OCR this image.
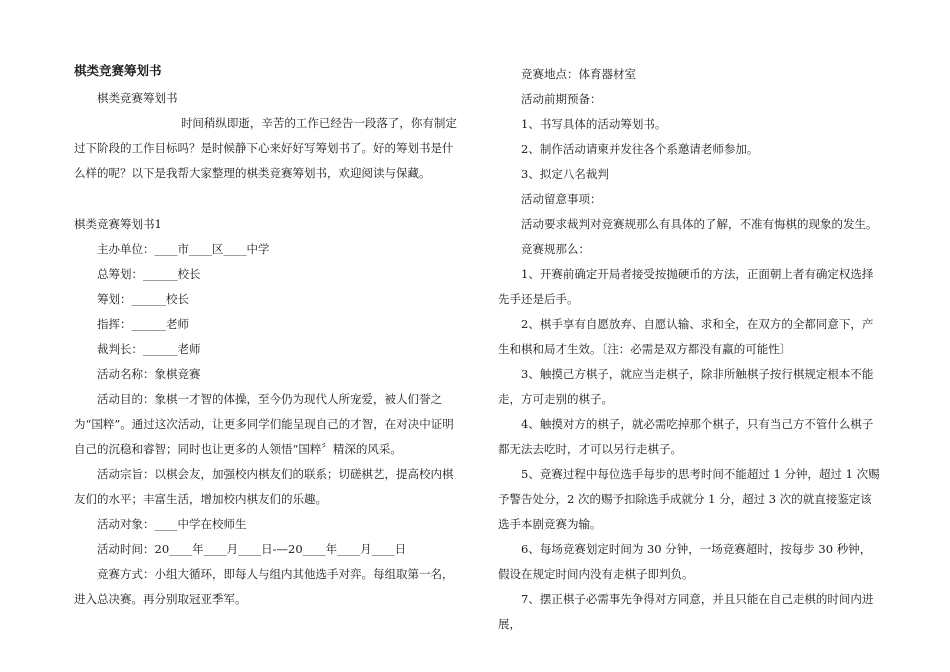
棋类竞赛筹划书

棋类竞赛筹划书

时间稍纵即逝，辛苦的工作已经告一段落了，你有制定过下阶段的工作目标吗？是时候静下心来好好写筹划书了。好的筹划书是什么样的呢？以下是我帮大家整理的棋类竞赛筹划书，欢迎阅读与保藏。

棋类竞赛筹划书1

主办单位：____市____区____中学

总筹划：______校长

筹划：______校长

指挥：______老师

裁判长：______老师

活动名称：象棋竞赛

活动目的：象棋一才智的体操，至今仍为现代人所宠爱，被人们誉之为“国粹”。通过这次活动，让更多同学们能呈现自己的才智，在对决中证明自己的沉稳和睿智；同时也让更多的人领悟“国粹〞精深的风采。

活动宗旨：以棋会友，加强校内棋友们的联系；切磋棋艺，提高校内棋友们的水平；丰富生活，增加校内棋友们的乐趣。

活动对象：____中学在校师生

活动时间：20____年____月____日-—20____年____月____日

竞赛方式：小组大循环，即每人与组内其他选手对弈。每组取第一名，进入总决赛。再分别取冠亚季军。

竞赛地点：体育器材室

活动前期预备：

1、书写具体的活动筹划书。

2、制作活动请柬并发往各个系邀请老师参加。

3、拟定八名裁判

活动留意事项：

活动要求裁判对竞赛规那么有具体的了解，不准有悔棋的现象的发生。

竞赛规那么：

1、开赛前确定开局者接受按抛硬币的方法，正面朝上者有确定权选择先手还是后手。

2、棋手享有自愿放弃、自愿认输、求和全，在双方的全都同意下，产生和棋和局才生效。〔注：必需是双方都没有赢的可能性〕

3、触摸己方棋子，就应当走棋子，除非所触棋子按行棋规定根本不能走，方可走别的棋子。

4、触摸对方的棋子，就必需吃掉那个棋子，只有当己方不管什么棋子都无法去吃时，才可以另行走棋子。

5、竞赛过程中每位选手每步的思考时间不能超过 1 分钟，超过 1 次赐予警告处分，2 次的赐予扣除选手成就分 1 分，超过 3 次的就直接鉴定该选手本剧竞赛为输。

6、每场竞赛划定时间为 30 分钟，一场竞赛超时，按每步 30 秒钟，假设在规定时间内没有走棋子即判负。

7、摆正棋子必需事先争得对方同意，并且只能在自己走棋的时间内进展，
